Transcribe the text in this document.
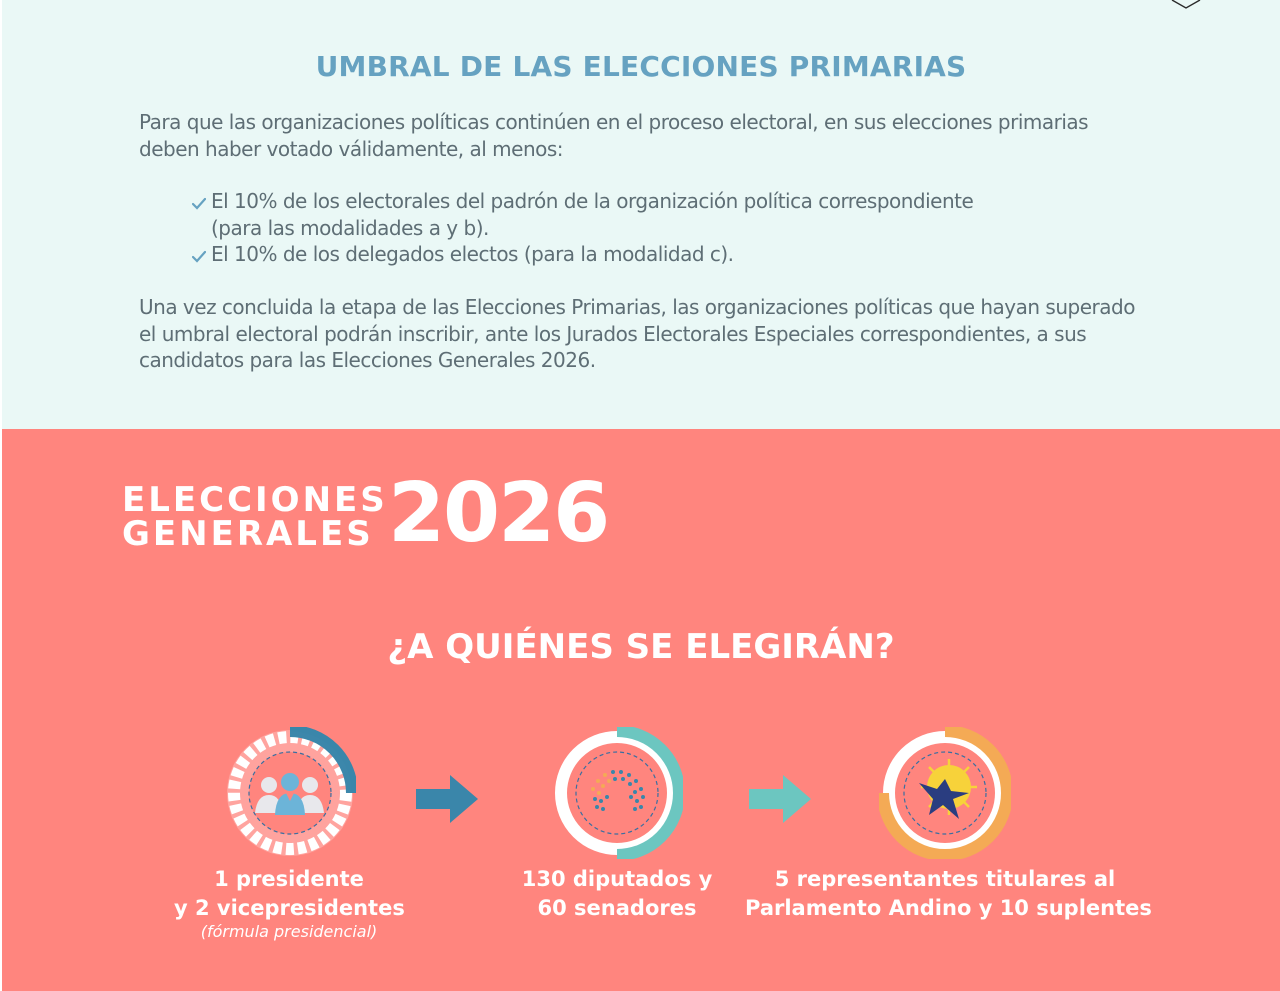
UMBRAL DE LAS ELECCIONES PRIMARIAS

Para que las organizaciones políticas continúen en el proceso electoral, en sus elecciones primarias deben haber votado válidamente, al menos:

El 10% de los electorales del padrón de la organización política correspondiente
(para las modalidades a y b).
El 10% de los delegados electos (para la modalidad c).

Una vez concluida la etapa de las Elecciones Primarias, las organizaciones políticas que hayan superado el umbral electoral podrán inscribir, ante los Jurados Electorales Especiales correspondientes, a sus candidatos para las Elecciones Generales 2026.

ELECCIONES
GENERALES 2026
¿A QUIÉNES SE ELEGIRÁN?

1 presidente
y 2 vicepresidentes
(fórmula presidencial)

130 diputados y
60 senadores

5 representantes titulares al
Parlamento Andino y 10 suplentes
